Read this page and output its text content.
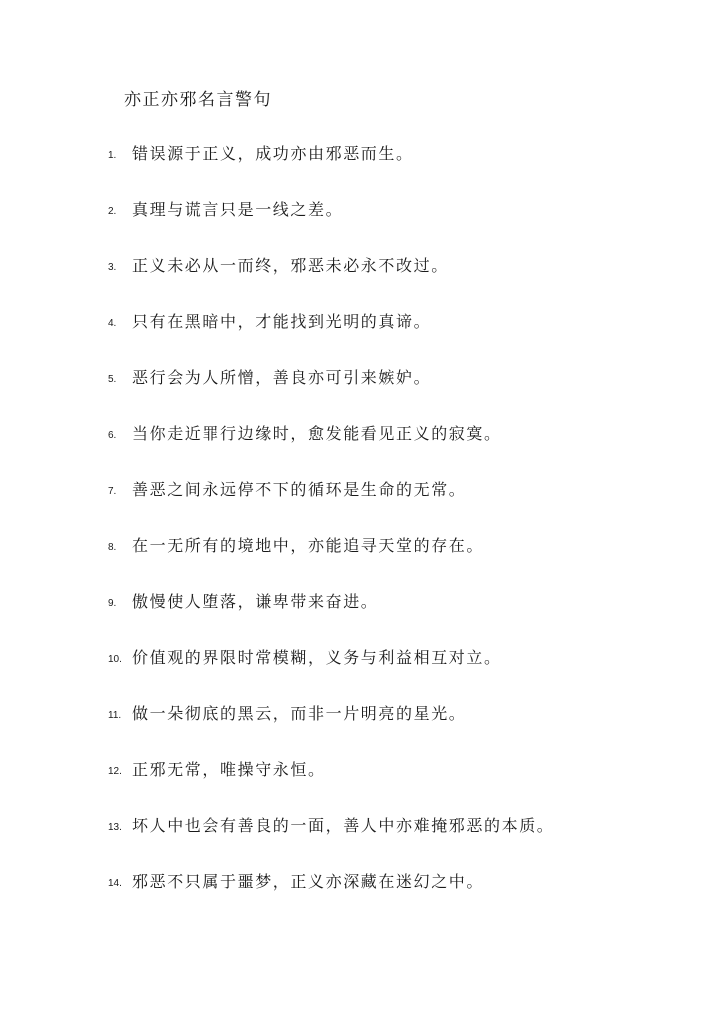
亦正亦邪名言警句
1. 错误源于正义，成功亦由邪恶而生。
2. 真理与谎言只是一线之差。
3. 正义未必从一而终，邪恶未必永不改过。
4. 只有在黑暗中，才能找到光明的真谛。
5. 恶行会为人所憎，善良亦可引来嫉妒。
6. 当你走近罪行边缘时，愈发能看见正义的寂寞。
7. 善恶之间永远停不下的循环是生命的无常。
8. 在一无所有的境地中，亦能追寻天堂的存在。
9. 傲慢使人堕落，谦卑带来奋进。
10. 价值观的界限时常模糊，义务与利益相互对立。
11. 做一朵彻底的黑云，而非一片明亮的星光。
12. 正邪无常，唯操守永恒。
13. 坏人中也会有善良的一面，善人中亦难掩邪恶的本质。
14. 邪恶不只属于噩梦，正义亦深藏在迷幻之中。
